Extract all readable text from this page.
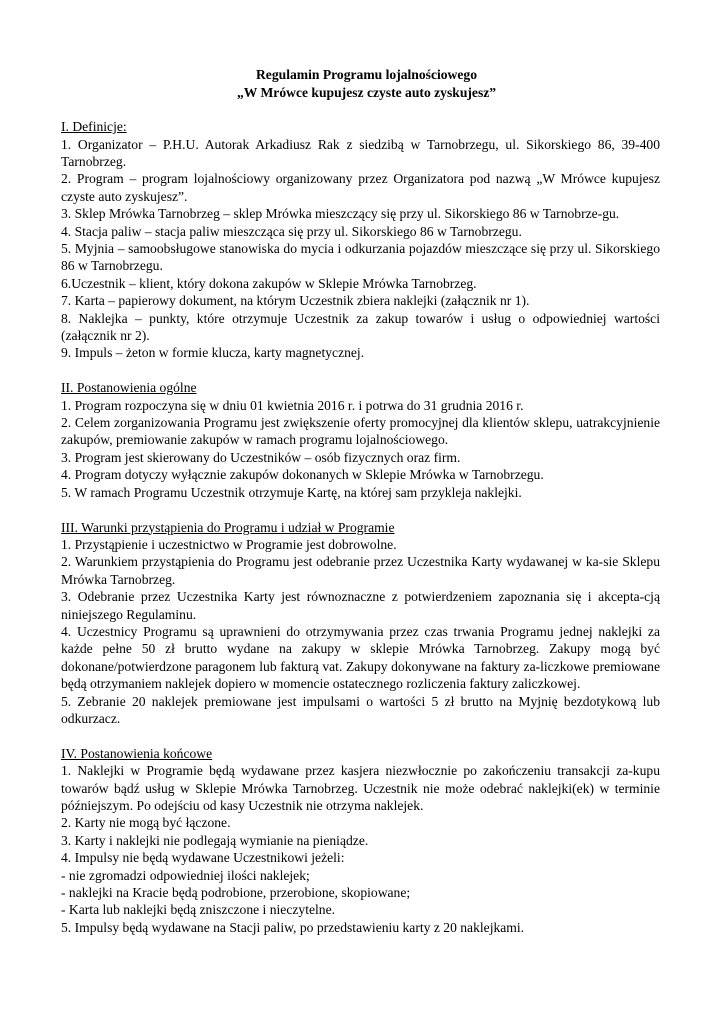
Regulamin Programu lojalnościowego

„W Mrówce kupujesz czyste auto zyskujesz”

I. Definicje:

1. Organizator – P.H.U. Autorak Arkadiusz Rak z siedzibą w Tarnobrzegu, ul. Sikorskiego 86, 39-400 Tarnobrzeg.

2. Program – program lojalnościowy organizowany przez Organizatora pod nazwą „W Mrówce kupujesz czyste auto zyskujesz”.

3. Sklep Mrówka Tarnobrzeg – sklep Mrówka mieszczący się przy ul. Sikorskiego 86 w Tarnobrze-gu.

4. Stacja paliw – stacja paliw mieszcząca się przy ul. Sikorskiego 86 w Tarnobrzegu.

5. Myjnia – samoobsługowe stanowiska do mycia i odkurzania pojazdów mieszczące się przy ul. Sikorskiego 86 w Tarnobrzegu.

6.Uczestnik – klient, który dokona zakupów w Sklepie Mrówka Tarnobrzeg.

7. Karta – papierowy dokument, na którym Uczestnik zbiera naklejki (załącznik nr 1).

8. Naklejka – punkty, które otrzymuje Uczestnik za zakup towarów i usług o odpowiedniej wartości (załącznik nr 2).

9. Impuls – żeton w formie klucza, karty magnetycznej.

II. Postanowienia ogólne

1. Program rozpoczyna się w dniu 01 kwietnia 2016 r. i potrwa do 31 grudnia 2016 r.

2. Celem zorganizowania Programu jest zwiększenie oferty promocyjnej dla klientów sklepu, uatrakcyjnienie zakupów, premiowanie zakupów w ramach programu lojalnościowego.

3. Program jest skierowany do Uczestników – osób fizycznych oraz firm.

4. Program dotyczy wyłącznie zakupów dokonanych w Sklepie Mrówka w Tarnobrzegu.

5. W ramach Programu Uczestnik otrzymuje Kartę, na której sam przykleja naklejki.

III. Warunki przystąpienia do Programu i udział w Programie

1. Przystąpienie i uczestnictwo w Programie jest dobrowolne.

2. Warunkiem przystąpienia do Programu jest odebranie przez Uczestnika Karty wydawanej w ka-sie Sklepu Mrówka Tarnobrzeg.

3. Odebranie przez Uczestnika Karty jest równoznaczne z potwierdzeniem zapoznania się i akcepta-cją niniejszego Regulaminu.

4. Uczestnicy Programu są uprawnieni do otrzymywania przez czas trwania Programu jednej naklejki za każde pełne 50 zł brutto wydane na zakupy w sklepie Mrówka Tarnobrzeg. Zakupy mogą być dokonane/potwierdzone paragonem lub fakturą vat. Zakupy dokonywane na faktury za-liczkowe premiowane będą otrzymaniem naklejek dopiero w momencie ostatecznego rozliczenia faktury zaliczkowej.

5. Zebranie 20 naklejek premiowane jest impulsami o wartości 5 zł brutto na Myjnię bezdotykową lub odkurzacz.

IV. Postanowienia końcowe

1. Naklejki w Programie będą wydawane przez kasjera niezwłocznie po zakończeniu transakcji za-kupu towarów bądź usług w Sklepie Mrówka Tarnobrzeg. Uczestnik nie może odebrać naklejki(ek) w terminie późniejszym. Po odejściu od kasy Uczestnik nie otrzyma naklejek.

2. Karty nie mogą być łączone.

3. Karty i naklejki nie podlegają wymianie na pieniądze.

4. Impulsy nie będą wydawane Uczestnikowi jeżeli:

- nie zgromadzi odpowiedniej ilości naklejek;

- naklejki na Kracie będą podrobione, przerobione, skopiowane;

- Karta lub naklejki będą zniszczone i nieczytelne.

5. Impulsy będą wydawane na Stacji paliw, po przedstawieniu karty z 20 naklejkami.
